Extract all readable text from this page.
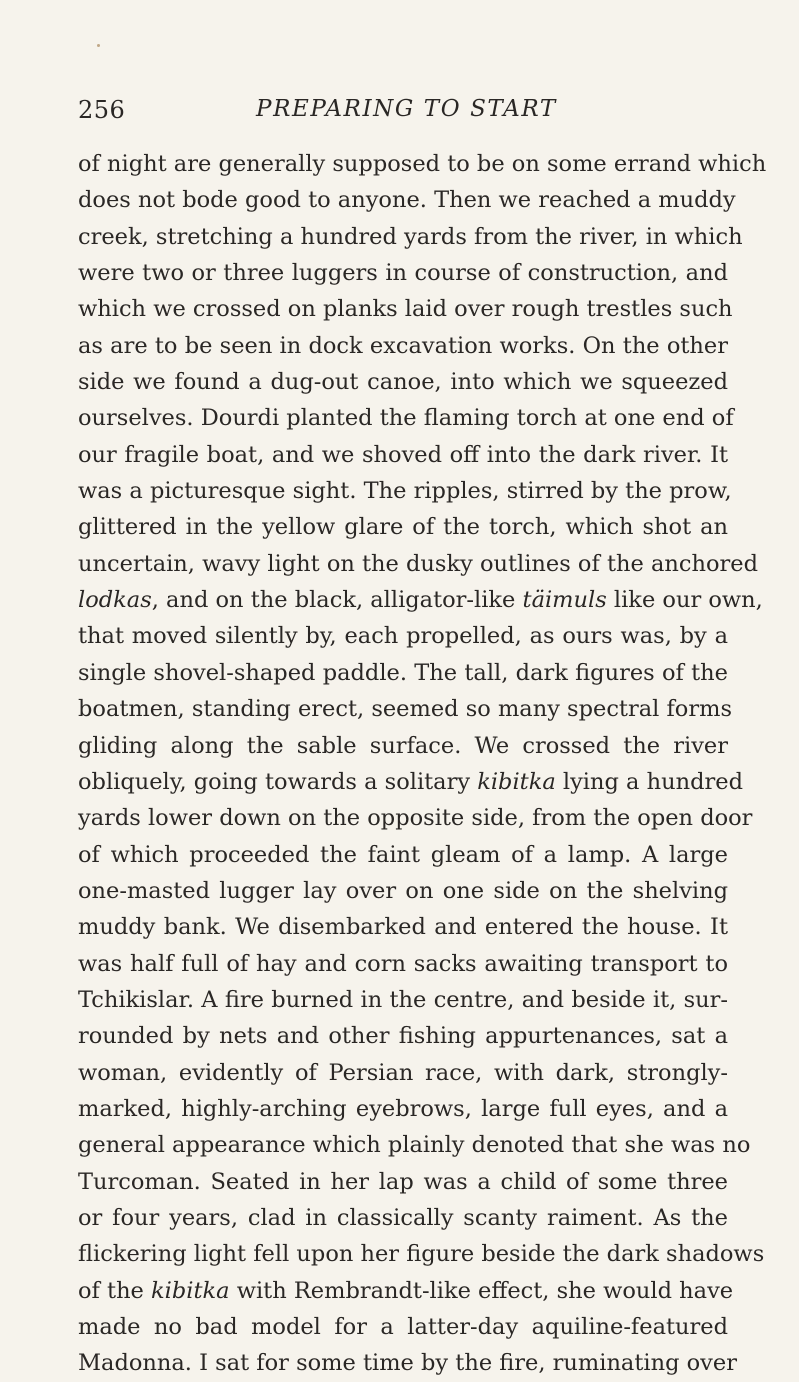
256	PREPARING TO START
of night are generally supposed to be on some errand which
does not bode good to anyone. Then we reached a muddy
creek, stretching a hundred yards from the river, in which
were two or three luggers in course of construction, and
which we crossed on planks laid over rough trestles such
as are to be seen in dock excavation works. On the other
side we found a dug-out canoe, into which we squeezed
ourselves. Dourdi planted the flaming torch at one end of
our fragile boat, and we shoved off into the dark river. It
was a picturesque sight. The ripples, stirred by the prow,
glittered in the yellow glare of the torch, which shot an
uncertain, wavy light on the dusky outlines of the anchored
lodkas, and on the black, alligator-like täimuls like our own,
that moved silently by, each propelled, as ours was, by a
single shovel-shaped paddle. The tall, dark figures of the
boatmen, standing erect, seemed so many spectral forms
gliding along the sable surface. We crossed the river
obliquely, going towards a solitary kibitka lying a hundred
yards lower down on the opposite side, from the open door
of which proceeded the faint gleam of a lamp. A large
one-masted lugger lay over on one side on the shelving
muddy bank. We disembarked and entered the house. It
was half full of hay and corn sacks awaiting transport to
Tchikislar. A fire burned in the centre, and beside it, sur-
rounded by nets and other fishing appurtenances, sat a
woman, evidently of Persian race, with dark, strongly-
marked, highly-arching eyebrows, large full eyes, and a
general appearance which plainly denoted that she was no
Turcoman. Seated in her lap was a child of some three
or four years, clad in classically scanty raiment. As the
flickering light fell upon her figure beside the dark shadows
of the kibitka with Rembrandt-like effect, she would have
made no bad model for a latter-day aquiline-featured
Madonna. I sat for some time by the fire, ruminating over
